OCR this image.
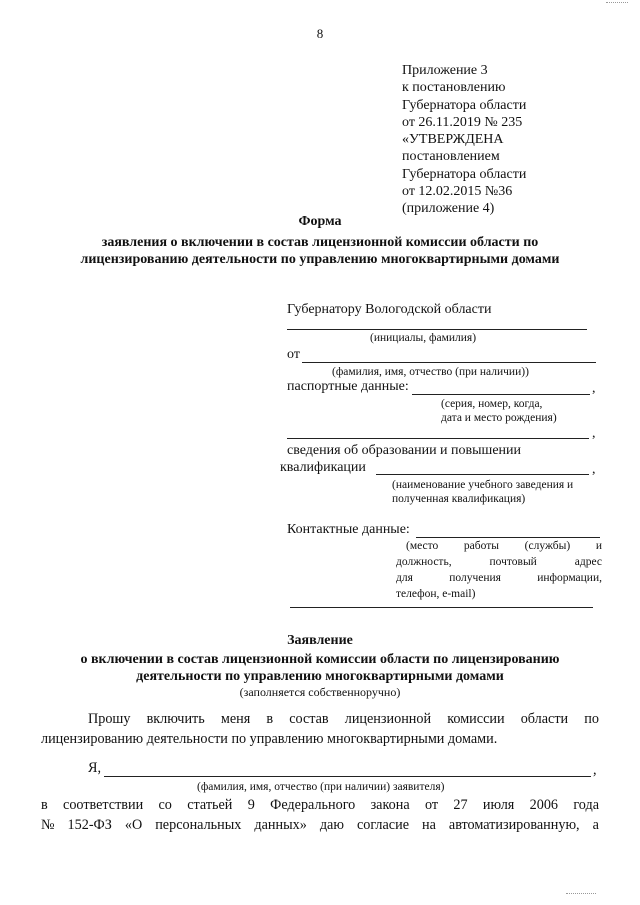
8
Приложение 3
к постановлению
Губернатора области
от 26.11.2019 № 235
«УТВЕРЖДЕНА
постановлением
Губернатора области
от 12.02.2015 №36
(приложение 4)
Форма
заявления о включении в состав лицензионной комиссии области по
лицензированию деятельности по управлению многоквартирными домами
Губернатору Вологодской области
(инициалы, фамилия)
от
(фамилия, имя, отчество (при наличии))
паспортные данные:	,
(серия, номер, когда,
дата и место рождения)
,
сведения об образовании и повышении
квалификации	,
(наименование учебного заведения и
полученная квалификация)
Контактные данные:
(место работы (службы) и
должность,	почтовый	адрес
для	получения	информации,
телефон, e-mail)
Заявление
о включении в состав лицензионной комиссии области по лицензированию
деятельности по управлению многоквартирными домами
(заполняется собственноручно)
Прошу включить меня в состав лицензионной комиссии области по
лицензированию деятельности по управлению многоквартирными домами.
Я,	,
(фамилия, имя, отчество (при наличии) заявителя)
в соответствии со статьей 9 Федерального закона от 27 июля 2006 года
№ 152-ФЗ «О персональных данных» даю согласие на автоматизированную, а
